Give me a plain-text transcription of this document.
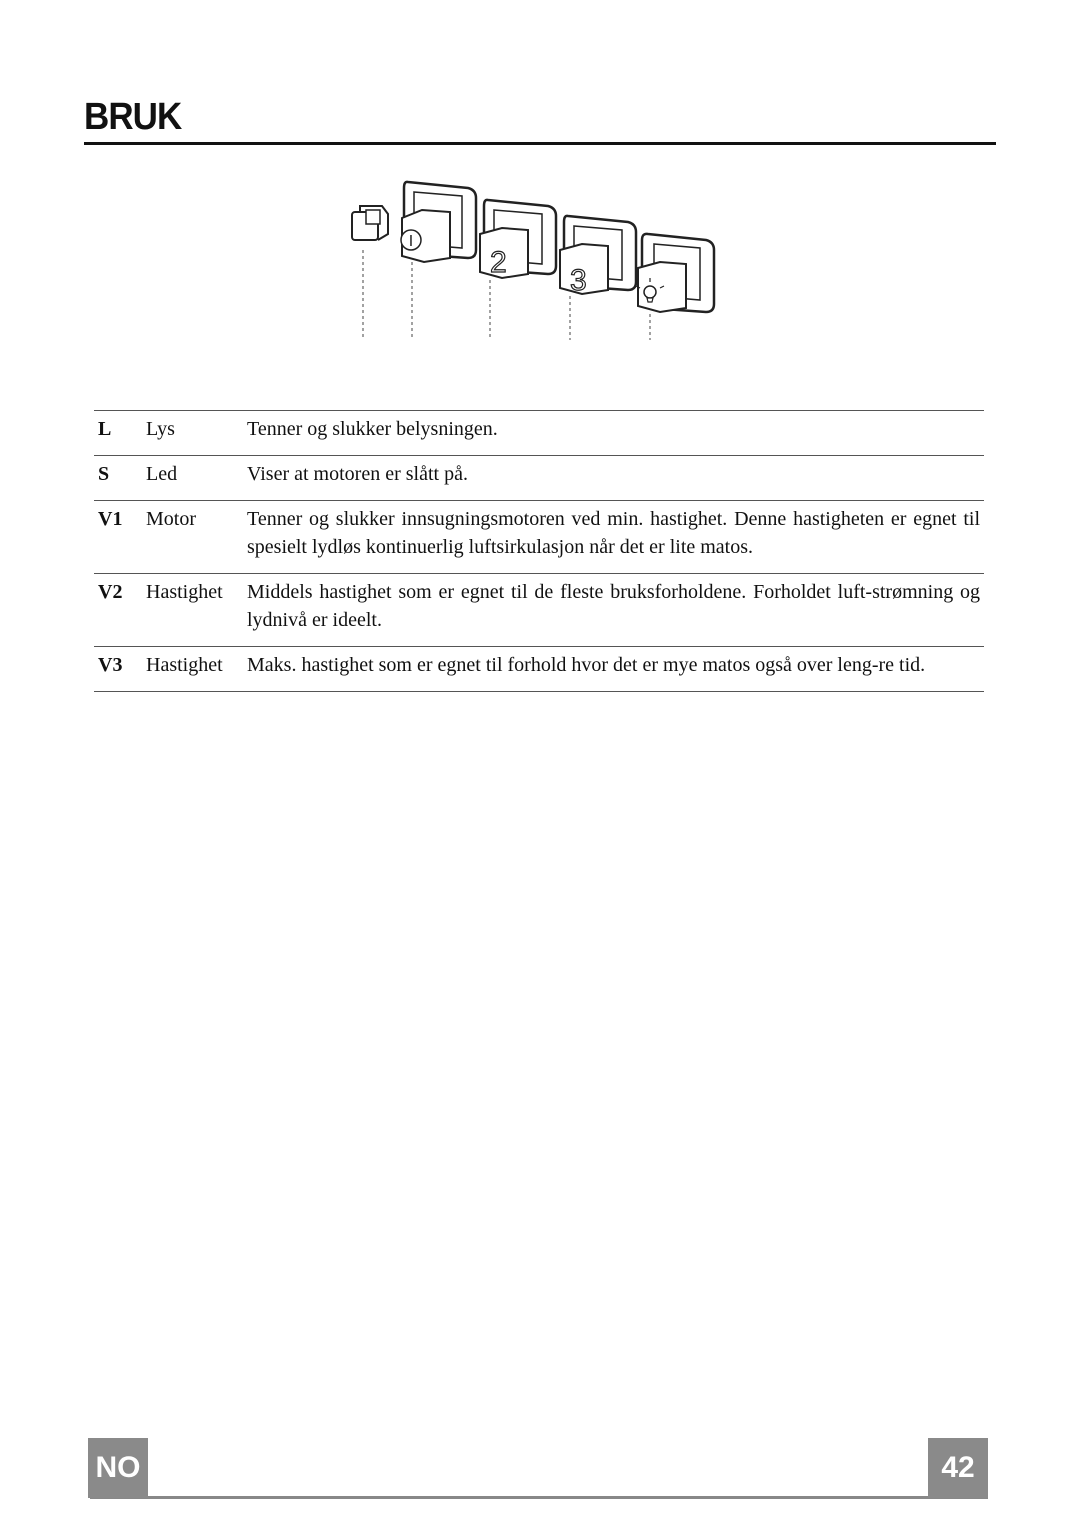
BRUK
I
2
3
L	Lys	Tenner og slukker belysningen.
S	Led	Viser at motoren er slått på.
V1	Motor	Tenner og slukker innsugningsmotoren ved min. hastighet. Denne hastigheten er egnet til spesielt lydløs kontinuerlig luftsirkulasjon når det er lite matos.
V2	Hastighet	Middels hastighet som er egnet til de fleste bruksforholdene. Forholdet luft-strømning og lydnivå er ideelt.
V3	Hastighet	Maks. hastighet som er egnet til forhold hvor det er mye matos også over leng-re tid.
NO	42
